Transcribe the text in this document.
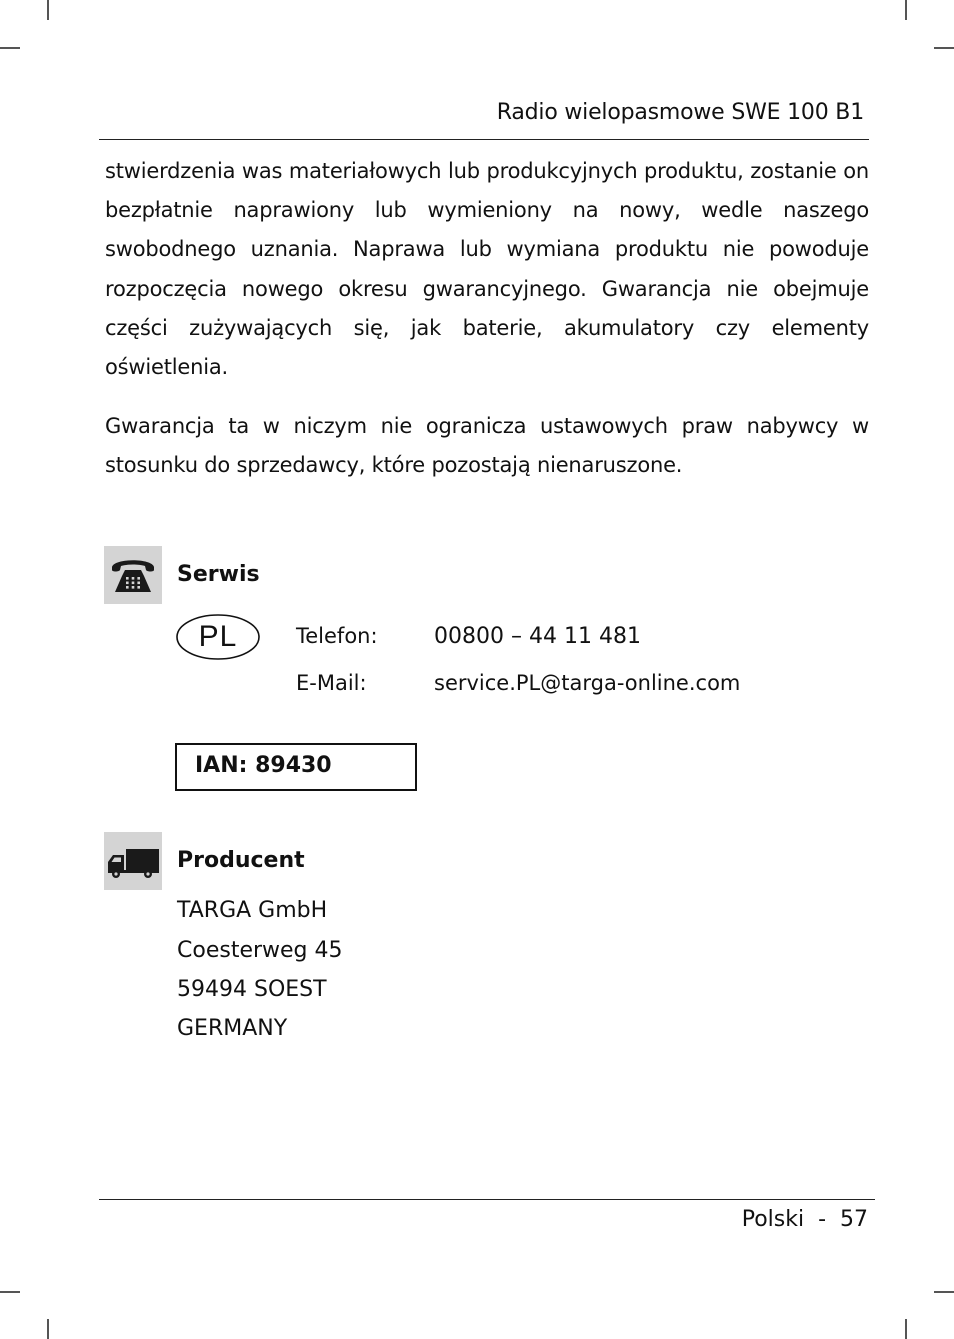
Radio wielopasmowe SWE 100 B1

stwierdzenia was materiałowych lub produkcyjnych produktu, zostanie on bezpłatnie naprawiony lub wymieniony na nowy, wedle naszego swobodnego uznania. Naprawa lub wymiana produktu nie powoduje rozpoczęcia nowego okresu gwarancyjnego. Gwarancja nie obejmuje części zużywających się, jak baterie, akumulatory czy elementy oświetlenia.

Gwarancja ta w niczym nie ogranicza ustawowych praw nabywcy w stosunku do sprzedawcy, które pozostają nienaruszone.

Serwis
PL	Telefon:	00800 – 44 11 481
E-Mail:	service.PL@targa-online.com
IAN: 89430
Producent
TARGA GmbH
Coesterweg 45
59494 SOEST
GERMANY
Polski  -  57
